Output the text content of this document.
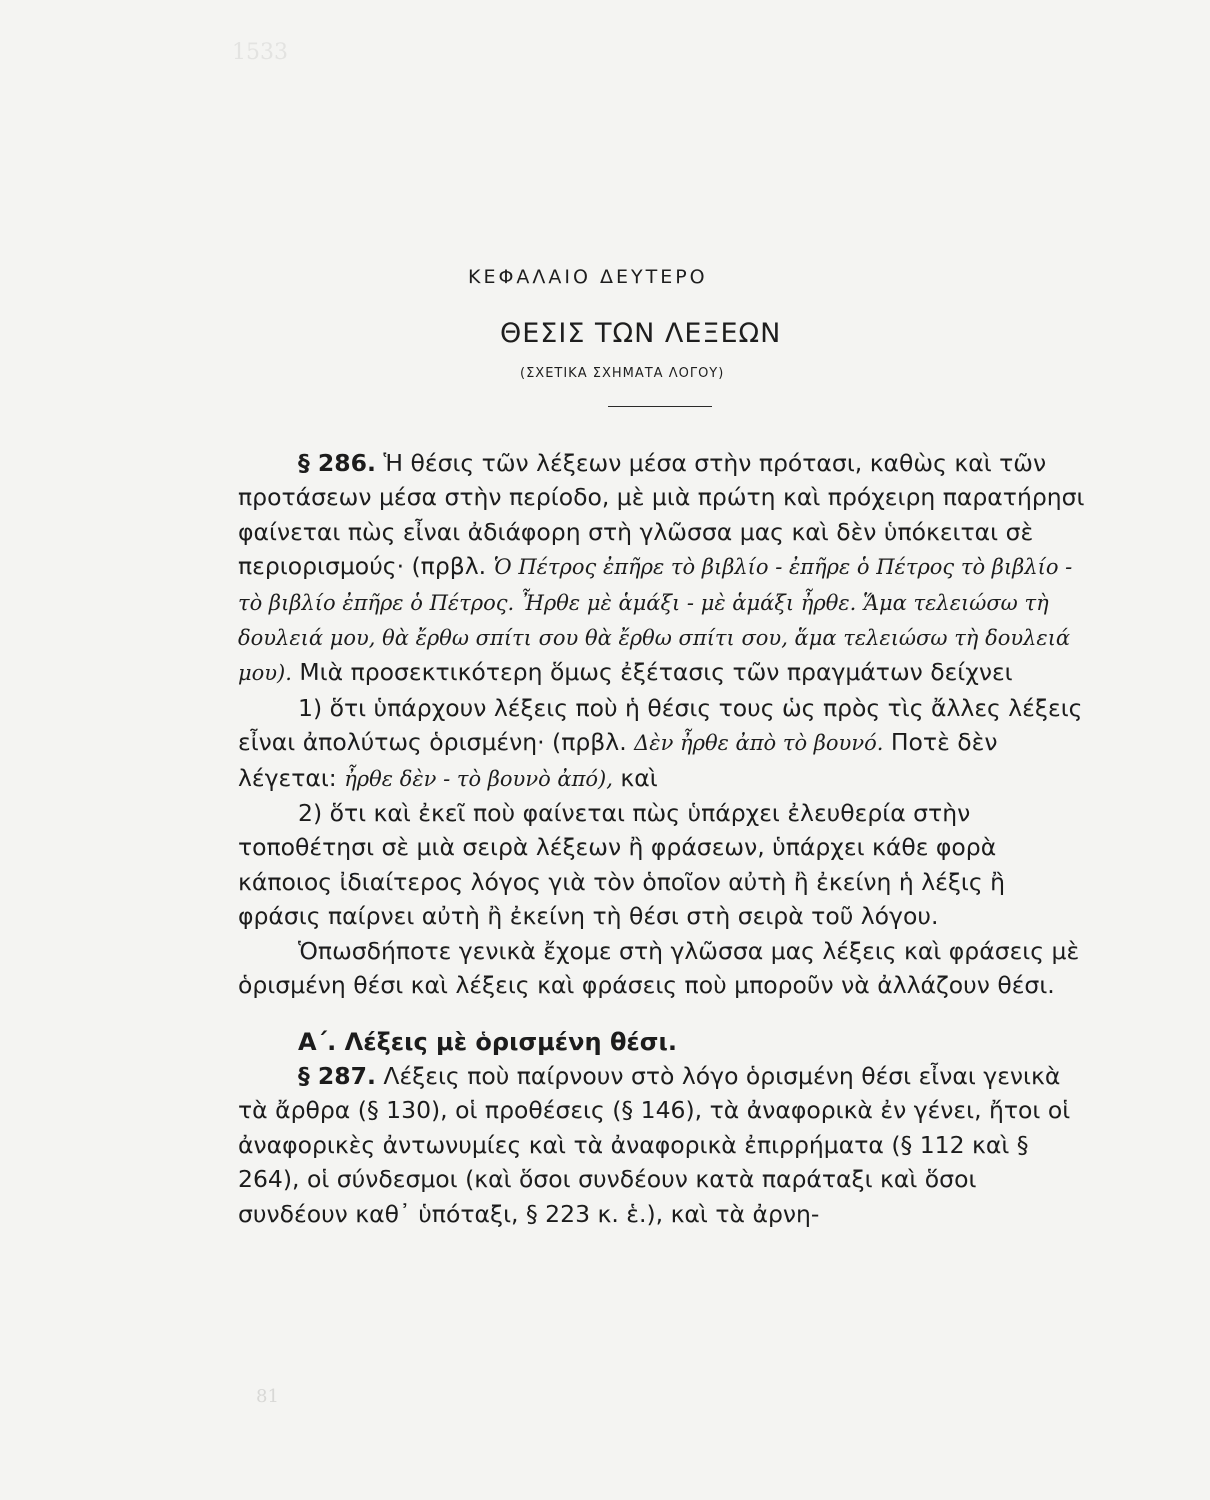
1533
ΚΕΦΑΛΑΙΟ ΔΕΥΤΕΡΟ
ΘΕΣΙΣ ΤΩΝ ΛΕΞΕΩΝ
(ΣΧΕΤΙΚΑ ΣΧΗΜΑΤΑ ΛΟΓΟΥ)

§ 286. Ἡ θέσις τῶν λέξεων μέσα στὴν πρότασι, καθὼς καὶ τῶν προτάσεων μέσα στὴν περίοδο, μὲ μιὰ πρώτη καὶ πρόχειρη παρατήρησι φαίνεται πὼς εἶναι ἀδιάφορη στὴ γλῶσσα μας καὶ δὲν ὑπόκειται σὲ περιορισμούς· (πρβλ. Ὁ Πέτρος ἐπῆρε τὸ βιβλίο - ἐπῆρε ὁ Πέτρος τὸ βιβλίο - τὸ βιβλίο ἐπῆρε ὁ Πέτρος. Ἦρθε μὲ ἁμάξι - μὲ ἁμάξι ἦρθε. Ἅμα τελειώσω τὴ δουλειά μου, θὰ ἔρθω σπίτι σου θὰ ἔρθω σπίτι σου, ἅμα τελειώσω τὴ δουλειά μου). Μιὰ προσεκτικότερη ὅμως ἐξέτασις τῶν πραγμάτων δείχνει

1) ὅτι ὑπάρχουν λέξεις ποὺ ἡ θέσις τους ὡς πρὸς τὶς ἄλλες λέξεις εἶναι ἀπολύτως ὁρισμένη· (πρβλ. Δὲν ἦρθε ἀπὸ τὸ βουνό. Ποτὲ δὲν λέγεται: ἦρθε δὲν - τὸ βουνὸ ἀπό), καὶ

2) ὅτι καὶ ἐκεῖ ποὺ φαίνεται πὼς ὑπάρχει ἐλευθερία στὴν τοποθέτησι σὲ μιὰ σειρὰ λέξεων ἢ φράσεων, ὑπάρχει κάθε φορὰ κάποιος ἰδιαίτερος λόγος γιὰ τὸν ὁποῖον αὐτὴ ἢ ἐκείνη ἡ λέξις ἢ φράσις παίρνει αὐτὴ ἢ ἐκείνη τὴ θέσι στὴ σειρὰ τοῦ λόγου.

Ὁπωσδήποτε γενικὰ ἔχομε στὴ γλῶσσα μας λέξεις καὶ φράσεις μὲ ὁρισμένη θέσι καὶ λέξεις καὶ φράσεις ποὺ μποροῦν νὰ ἀλλάζουν θέσι.

Α΄. Λέξεις μὲ ὁρισμένη θέσι.

§ 287. Λέξεις ποὺ παίρνουν στὸ λόγο ὁρισμένη θέσι εἶναι γενικὰ τὰ ἄρθρα (§ 130), οἱ προθέσεις (§ 146), τὰ ἀναφορικὰ ἐν γένει, ἤτοι οἱ ἀναφορικὲς ἀντωνυμίες καὶ τὰ ἀναφορικὰ ἐπιρρήματα (§ 112 καὶ § 264), οἱ σύνδεσμοι (καὶ ὅσοι συνδέουν κατὰ παράταξι καὶ ὅσοι συνδέουν καθ᾿ ὑπόταξι, § 223 κ. ἑ.), καὶ τὰ ἀρνη-

81
